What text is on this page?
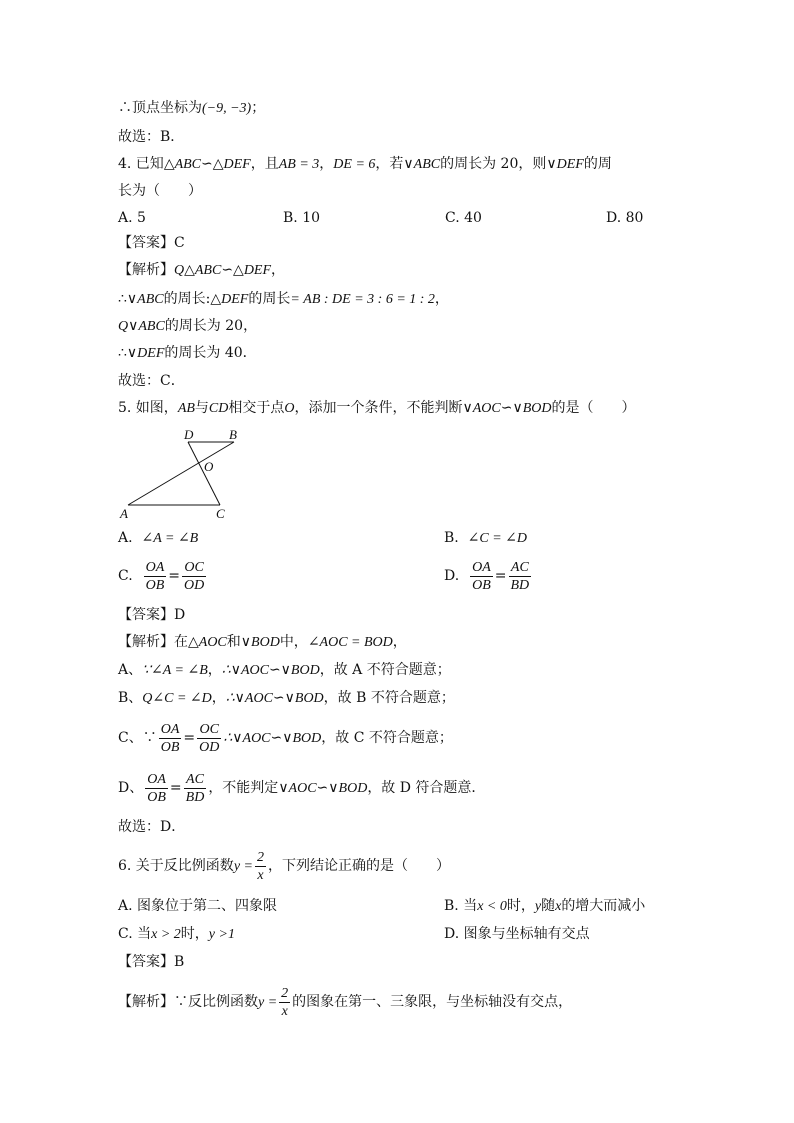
∴顶点坐标为(−9, −3)；
故选：B．
4. 已知△ABC∽△DEF，且AB = 3，DE = 6，若∨ABC的周长为 20，则∨DEF的周
长为（　　）
A. 5	B. 10	C. 40	D. 80
【答案】C
【解析】Q△ABC∽△DEF，
∴∨ABC的周长:△DEF的周长= AB : DE = 3 : 6 = 1 : 2，
Q∨ABC的周长为 20，
∴∨DEF的周长为 40．
故选：C．
5. 如图，AB与CD相交于点O，添加一个条件，不能判断∨AOC∽∨BOD的是（　　）
D	B
O
A	C
A. ∠A = ∠B	B. ∠C = ∠D
C. $\frac{OA}{OB} = \frac{OC}{OD}$	D. $\frac{OA}{OB} = \frac{AC}{BD}$
【答案】D
【解析】在△AOC和∨BOD中，∠AOC = BOD，
A、∵∠A = ∠B，∴∨AOC∽∨BOD，故 A 不符合题意；
B、Q∠C = ∠D，∴∨AOC∽∨BOD，故 B 不符合题意；
C、∵ $\frac{OA}{OB} = \frac{OC}{OD}$ ∴∨AOC∽∨BOD，故 C 不符合题意；
D、 $\frac{OA}{OB} = \frac{AC}{BD}$ ，不能判定∨AOC∽∨BOD，故 D 符合题意．
故选：D．
6. 关于反比例函数$y = \frac{2}{x}$ ，下列结论正确的是（　　）
A. 图象位于第二、四象限	B. 当x < 0时，y随x的增大而减小
C. 当x > 2时，y >1	D. 图象与坐标轴有交点
【答案】B
【解析】∵反比例函数$y = \frac{2}{x}$ 的图象在第一、三象限，与坐标轴没有交点，
